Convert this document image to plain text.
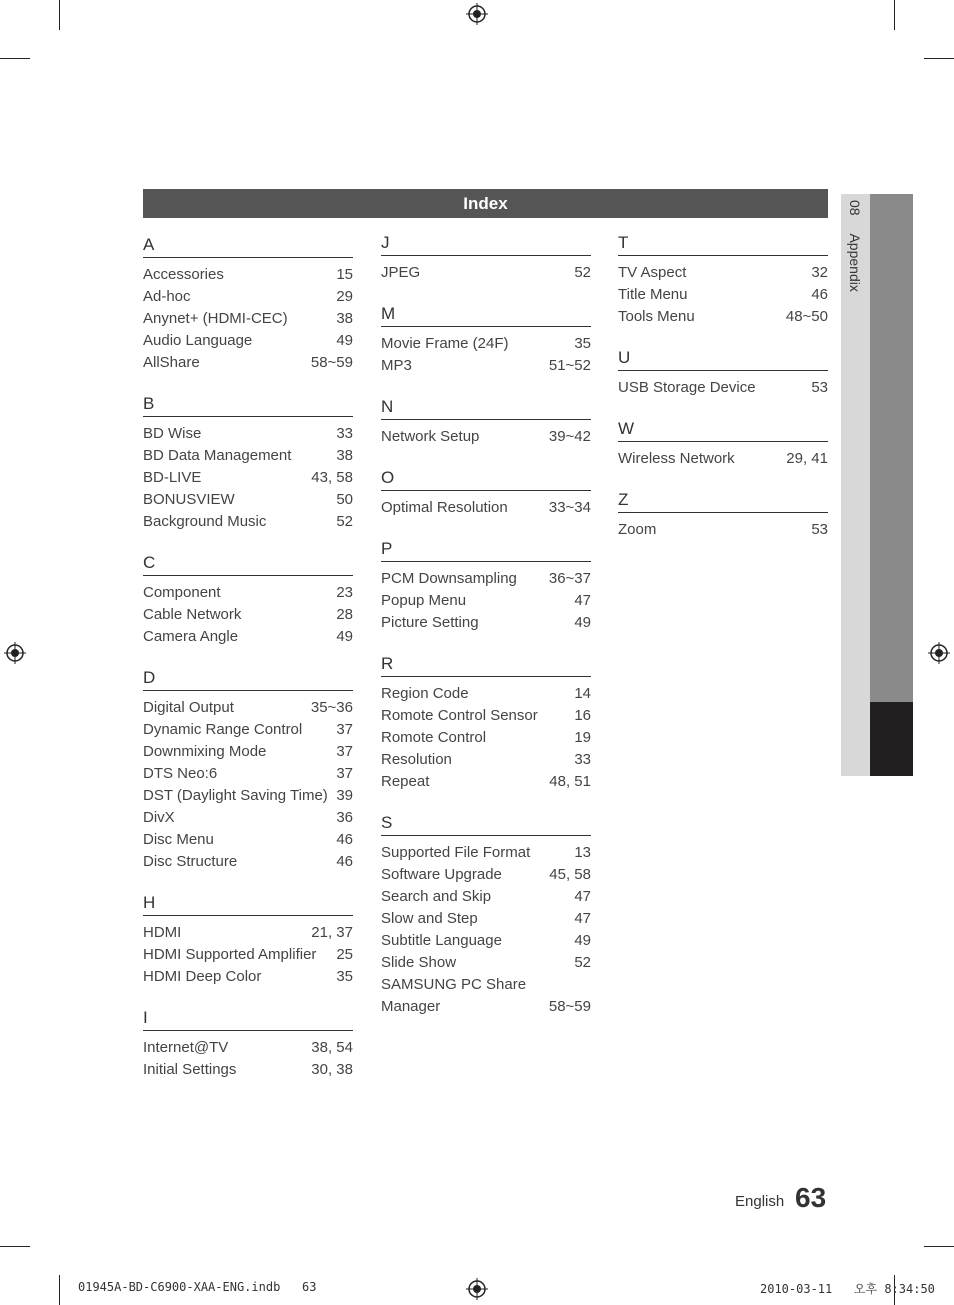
Index	08 Appendix
A
Accessories	15
Ad-hoc	29
Anynet+ (HDMI-CEC)	38
Audio Language	49
AllShare	58~59
B
BD Wise	33
BD Data Management	38
BD-LIVE	43, 58
BONUSVIEW	50
Background Music	52
C
Component	23
Cable Network	28
Camera Angle	49
D
Digital Output	35~36
Dynamic Range Control 37
Downmixing Mode	37
DTS Neo:6	37
DST (Daylight Saving Time) 39
DivX	36
Disc Menu	46
Disc Structure	46
H
HDMI	21, 37
HDMI Supported Amplifier 25
HDMI Deep Color	35
I
Internet@TV	38, 54
Initial Settings	30, 38
J
JPEG	52
M
Movie Frame (24F)	35
MP3	51~52
N
Network Setup	39~42
O
Optimal Resolution	33~34
P
PCM Downsampling 36~37
Popup Menu	47
Picture Setting	49
R
Region Code	14
Romote Control Sensor 16
Romote Control	19
Resolution	33
Repeat	48, 51
S
Supported File Format	13
Software Upgrade	45, 58
Search and Skip	47
Slow and Step	47
Subtitle Language	49
Slide Show	52
SAMSUNG PC Share
Manager	58~59
T
TV Aspect	32
Title Menu	46
Tools Menu	48~50
U
USB Storage Device	53
W
Wireless Network	29, 41
Z
Zoom	53
English 63
01945A-BD-C6900-XAA-ENG.indb   63	2010-03-11   오후 8:34:50
